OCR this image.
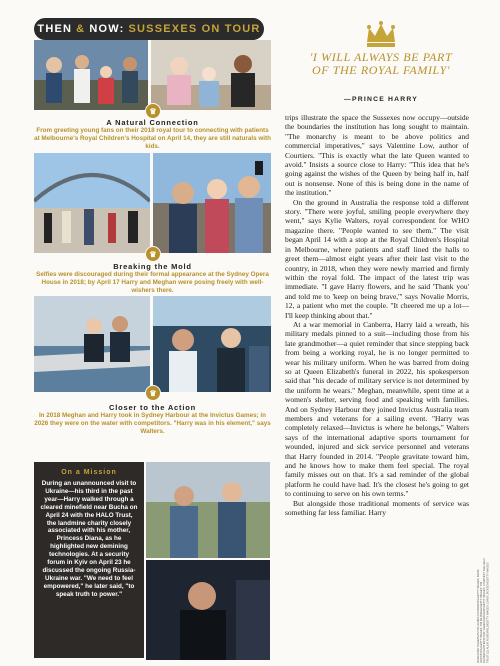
THEN & NOW: SUSSEXES ON TOUR
♛
A Natural Connection
From greeting young fans on their 2018 royal tour to connecting with patients at Melbourne's Royal Children's Hospital on April 14, they are still naturals with kids.
♛
Breaking the Mold
Selfies were discouraged during their formal appearance at the Sydney Opera House in 2018; by April 17 Harry and Meghan were posing freely with well-wishers there.
♛
Closer to the Action
In 2018 Meghan and Harry took in Sydney Harbour at the Invictus Games; in 2026 they were on the water with competitors. "Harry was in his element," says Walters.
On a Mission
During an unannounced visit to Ukraine—his third in the past year—Harry walked through a cleared minefield near Bucha on April 24 with the HALO Trust, the landmine charity closely associated with his mother, Princess Diana, as he highlighted new demining technologies. At a security forum in Kyiv on April 23 he discussed the ongoing Russia-Ukraine war. "We need to feel empowered," he later said, "to speak truth to power."
'I WILL ALWAYS BE PART OF THE ROYAL FAMILY'
—PRINCE HARRY

trips illustrate the space the Sussexes now occupy—outside the boundaries the institution has long sought to maintain. "The monarchy is meant to be above politics and commercial imperatives," says Valentine Low, author of Courtiers. "This is exactly what the late Queen wanted to avoid." Insists a source close to Harry: "This idea that he's going against the wishes of the Queen by being half in, half out is nonsense. None of this is being done in the name of the institution."

On the ground in Australia the response told a different story. "There were joyful, smiling people everywhere they went," says Kylie Walters, royal correspondent for WHO magazine there. "People wanted to see them." The visit began April 14 with a stop at the Royal Children's Hospital in Melbourne, where patients and staff lined the halls to greet them—almost eight years after their last visit to the country, in 2018, when they were newly married and firmly within the royal fold. The impact of the latest trip was immediate. "I gave Harry flowers, and he said 'Thank you' and told me to 'keep on being brave,'" says Novalie Morris, 12, a patient who met the couple. "It cheered me up a lot—I'll keep thinking about that."

At a war memorial in Canberra, Harry laid a wreath, his military medals pinned to a suit—including those from his late grandmother—a quiet reminder that since stepping back from being a working royal, he is no longer permitted to wear his military uniform. When he was barred from doing so at Queen Elizabeth's funeral in 2022, his spokesperson said that "his decade of military service is not determined by the uniform he wears." Meghan, meanwhile, spent time at a women's shelter, serving food and speaking with families. And on Sydney Harbour they joined Invictus Australia team members and veterans for a sailing event. "Harry was completely relaxed—Invictus is where he belongs," Walters says of the international adaptive sports tournament for wounded, injured and sick service personnel and veterans that Harry founded in 2014. "People gravitate toward him, and he knows how to make them feel special. The royal family misses out on that. It's a sad reminder of the global platform he could have had. It's the closest he's going to get to continuing to serve on his own terms."

But alongside those traditional moments of service was something far less familiar. Harry

DASHANSKI TIGHE/INVICTUS GAMES FOUNDATION/GETTY IMAGES; DAVID GRAY/POOL/GETTY IMAGES; TIM DE WAELE/GETTY IMAGES; TIM ROOKE/SHUTTERSTOCK; SAEED KHAN/AFP/GETTY IMAGES; COURTESY THE HALO TRUST (2); ALEXI ROSENFELD/GETTY IMAGES; CHRIS JACKSON/GETTY IMAGES
